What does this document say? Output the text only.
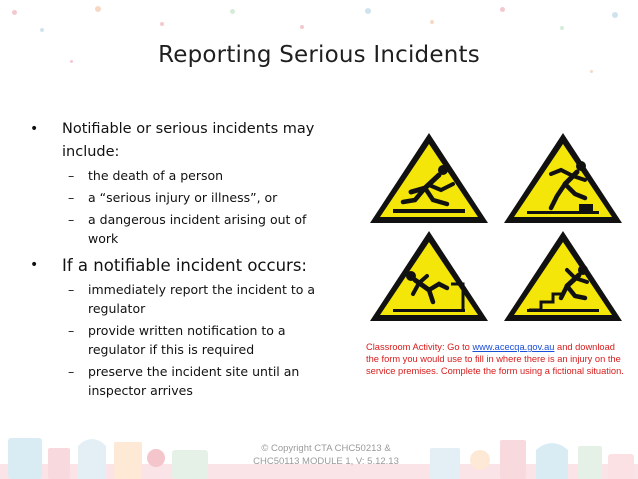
Reporting Serious Incidents
• Notifiable or serious incidents may include:
– the death of a person
– a “serious injury or illness”, or
– a dangerous incident arising out of work
• If a notifiable incident occurs:
– immediately report the incident to a regulator
– provide written notification to a regulator if this is required
– preserve the incident site until an inspector arrives
Classroom Activity: Go to www.acecqa.gov.au and download the form you would use to fill in where there is an injury on the service premises. Complete the form using a fictional situation.
© Copyright CTA CHC50213 &
CHC50113 MODULE 1, V: 5.12.13
